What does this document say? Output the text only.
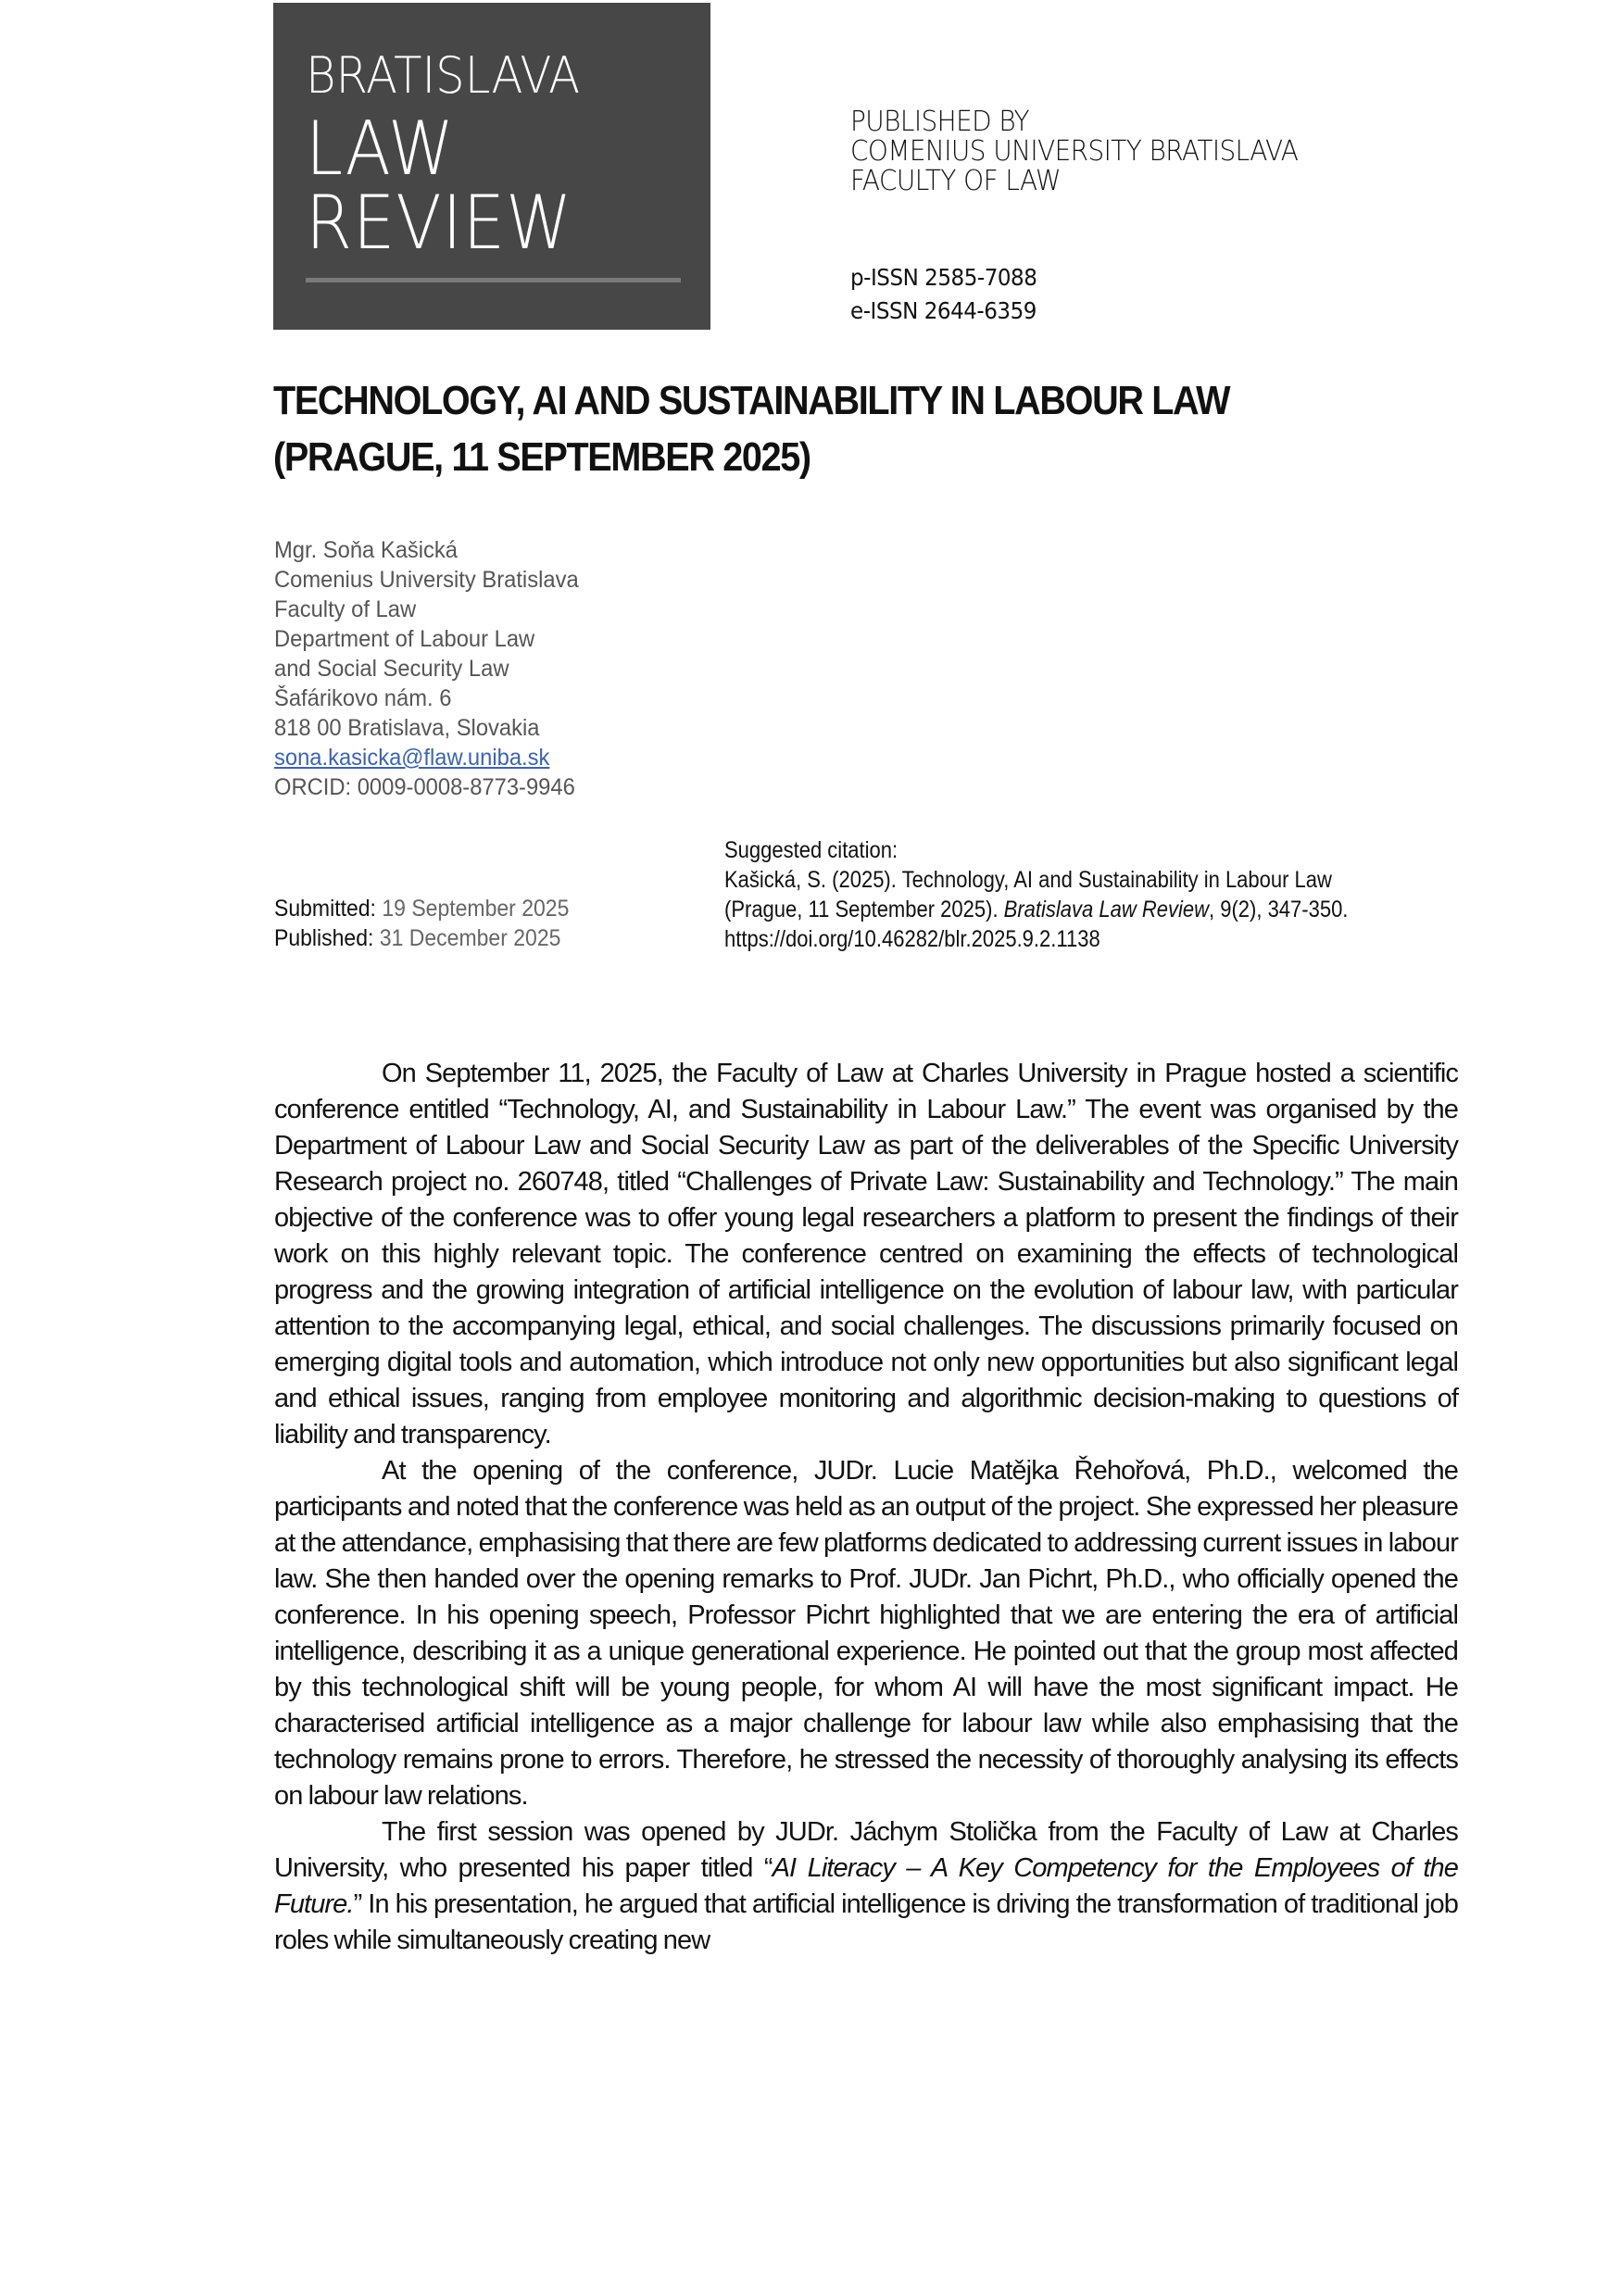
BRATISLAVA
LAW
REVIEW
PUBLISHED BY
COMENIUS UNIVERSITY BRATISLAVA
FACULTY OF LAW
p-ISSN 2585-7088
e-ISSN 2644-6359
TECHNOLOGY, AI AND SUSTAINABILITY IN LABOUR LAW
(PRAGUE, 11 SEPTEMBER 2025)
Mgr. Soňa Kašická
Comenius University Bratislava
Faculty of Law
Department of Labour Law
and Social Security Law
Šafárikovo nám. 6
818 00 Bratislava, Slovakia
sona.kasicka@flaw.uniba.sk
ORCID: 0009-0008-8773-9946
Submitted: 19 September 2025
Published: 31 December 2025
Suggested citation:
Kašická, S. (2025). Technology, AI and Sustainability in Labour Law
(Prague, 11 September 2025). Bratislava Law Review, 9(2), 347-350.
https://doi.org/10.46282/blr.2025.9.2.1138

On September 11, 2025, the Faculty of Law at Charles University in Prague hosted a scientific conference entitled “Technology, AI, and Sustainability in Labour Law.” The event was organised by the Department of Labour Law and Social Security Law as part of the deliverables of the Specific University Research project no. 260748, titled “Challenges of Private Law: Sustainability and Technology.” The main objective of the conference was to offer young legal researchers a platform to present the findings of their work on this highly relevant topic. The conference centred on examining the effects of technological progress and the growing integration of artificial intelligence on the evolution of labour law, with particular attention to the accompanying legal, ethical, and social challenges. The discussions primarily focused on emerging digital tools and automation, which introduce not only new opportunities but also significant legal and ethical issues, ranging from employee monitoring and algorithmic decision-making to questions of liability and transparency.

At the opening of the conference, JUDr. Lucie Matějka Řehořová, Ph.D., welcomed the participants and noted that the conference was held as an output of the project. She expressed her pleasure at the attendance, emphasising that there are few platforms dedicated to addressing current issues in labour law. She then handed over the opening remarks to Prof. JUDr. Jan Pichrt, Ph.D., who officially opened the conference. In his opening speech, Professor Pichrt highlighted that we are entering the era of artificial intelligence, describing it as a unique generational experience. He pointed out that the group most affected by this technological shift will be young people, for whom AI will have the most significant impact. He characterised artificial intelligence as a major challenge for labour law while also emphasising that the technology remains prone to errors. Therefore, he stressed the necessity of thoroughly analysing its effects on labour law relations.

The first session was opened by JUDr. Jáchym Stolička from the Faculty of Law at Charles University, who presented his paper titled “AI Literacy – A Key Competency for the Employees of the Future.” In his presentation, he argued that artificial intelligence is driving the transformation of traditional job roles while simultaneously creating new
